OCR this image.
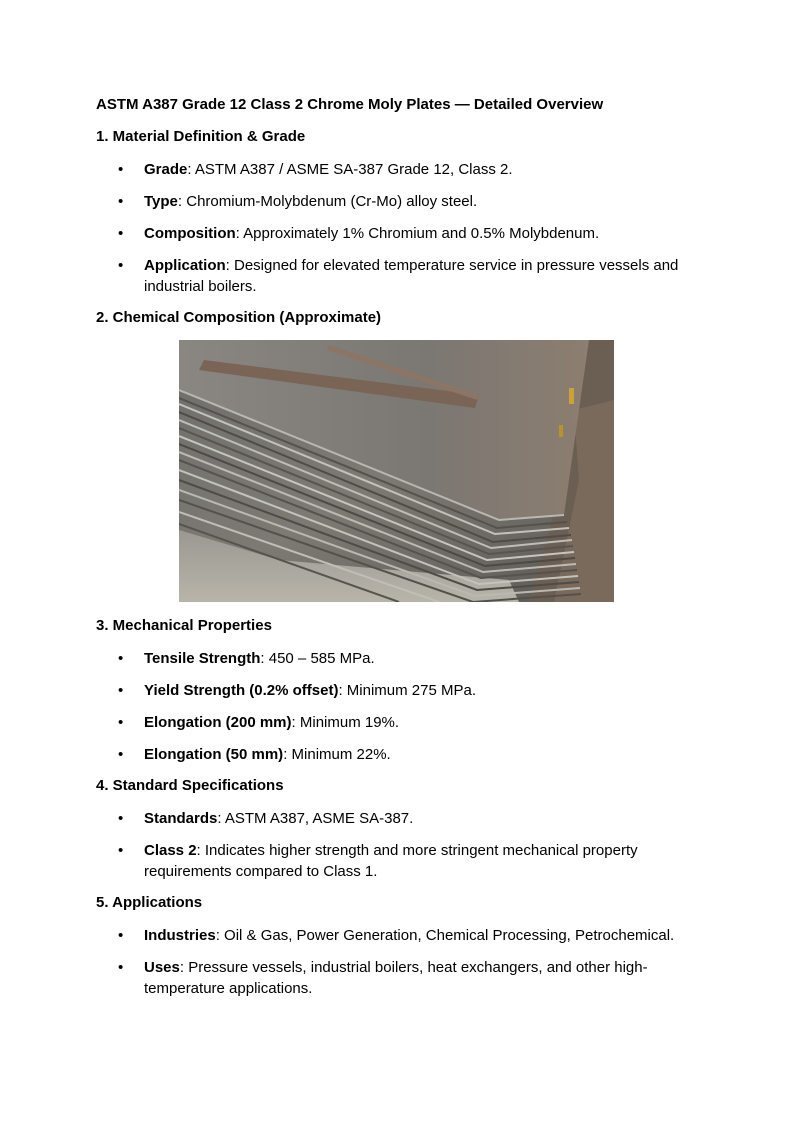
ASTM A387 Grade 12 Class 2 Chrome Moly Plates — Detailed Overview
1. Material Definition & Grade
• Grade: ASTM A387 / ASME SA-387 Grade 12, Class 2.
• Type: Chromium-Molybdenum (Cr-Mo) alloy steel.
• Composition: Approximately 1% Chromium and 0.5% Molybdenum.
• Application: Designed for elevated temperature service in pressure vessels and industrial boilers.
2. Chemical Composition (Approximate)
3. Mechanical Properties
• Tensile Strength: 450 – 585 MPa.
• Yield Strength (0.2% offset): Minimum 275 MPa.
• Elongation (200 mm): Minimum 19%.
• Elongation (50 mm): Minimum 22%.
4. Standard Specifications
• Standards: ASTM A387, ASME SA-387.
• Class 2: Indicates higher strength and more stringent mechanical property requirements compared to Class 1.
5. Applications
• Industries: Oil & Gas, Power Generation, Chemical Processing, Petrochemical.
• Uses: Pressure vessels, industrial boilers, heat exchangers, and other high-temperature applications.
